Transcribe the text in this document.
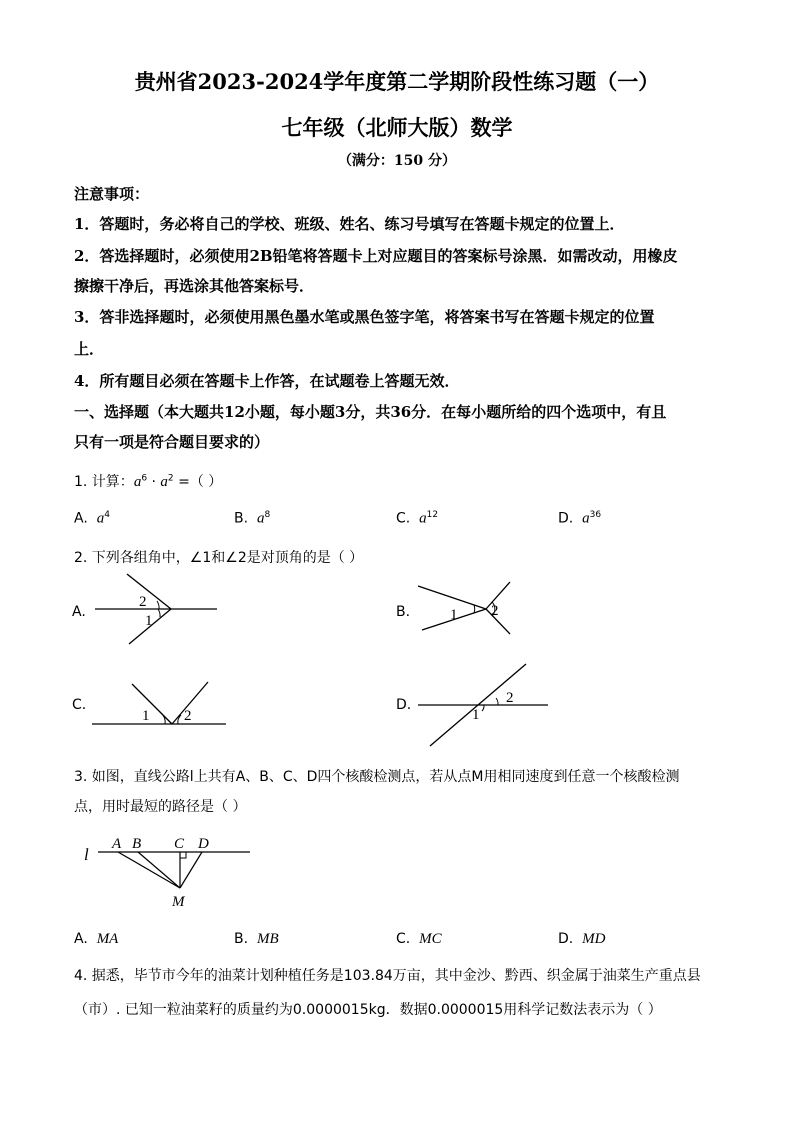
贵州省2023-2024学年度第二学期阶段性练习题（一）
七年级（北师大版）数学
（满分：150 分）
注意事项：
1．答题时，务必将自己的学校、班级、姓名、练习号填写在答题卡规定的位置上．
2．答选择题时，必须使用2B铅笔将答题卡上对应题目的答案标号涂黑．如需改动，用橡皮
擦擦干净后，再选涂其他答案标号．
3．答非选择题时，必须使用黑色墨水笔或黑色签字笔，将答案书写在答题卡规定的位置
上．
4．所有题目必须在答题卡上作答，在试题卷上答题无效．
一、选择题（本大题共12小题，每小题3分，共36分．在每小题所给的四个选项中，有且
只有一项是符合题目要求的）
1. 计算：$a^6 \cdot a^2$ =（ ）
A. $a^4$	B. $a^8$	C. $a^{12}$	D. $a^{36}$
2. 下列各组角中，∠1和∠2是对顶角的是（ ）
A.
2
1
B.	1 2
C.
1 2
D.	2
1
3. 如图，直线公路l上共有A、B、C、D四个核酸检测点，若从点M用相同速度到任意一个核酸检测
点，用时最短的路径是（ ）
l
A B C D
M
A. MA	B. MB	C. MC	D. MD
4. 据悉，毕节市今年的油菜计划种植任务是103.84万亩，其中金沙、黔西、织金属于油菜生产重点县
（市）. 已知一粒油菜籽的质量约为0.0000015kg．数据0.0000015用科学记数法表示为（ ）
